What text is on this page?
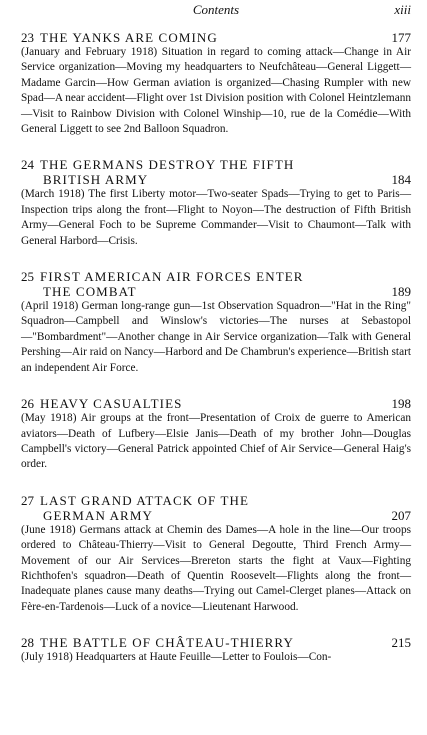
Contents	xiii
23 THE YANKS ARE COMING	177
(January and February 1918) Situation in regard to coming attack—Change in Air Service organization—Moving my headquarters to Neufchâteau—General Liggett—Madame Garcin—How German aviation is organized—Chasing Rumpler with new Spad—A near accident—Flight over 1st Division position with Colonel Heintzlemann—Visit to Rainbow Division with Colonel Winship—10, rue de la Comédie—With General Liggett to see 2nd Balloon Squadron.
24 THE GERMANS DESTROY THE FIFTH
BRITISH ARMY	184
(March 1918) The first Liberty motor—Two-seater Spads—Trying to get to Paris—Inspection trips along the front—Flight to Noyon—The destruction of Fifth British Army—General Foch to be Supreme Commander—Visit to Chaumont—Talk with General Harbord—Crisis.
25 FIRST AMERICAN AIR FORCES ENTER
THE COMBAT	189
(April 1918) German long-range gun—1st Observation Squadron—"Hat in the Ring" Squadron—Campbell and Winslow's victories—The nurses at Sebastopol—"Bombardment"—Another change in Air Service organization—Talk with General Pershing—Air raid on Nancy—Harbord and De Chambrun's experience—British start an independent Air Force.
26 HEAVY CASUALTIES	198
(May 1918) Air groups at the front—Presentation of Croix de guerre to American aviators—Death of Lufbery—Elsie Janis—Death of my brother John—Douglas Campbell's victory—General Patrick appointed Chief of Air Service—General Haig's order.
27 LAST GRAND ATTACK OF THE
GERMAN ARMY	207
(June 1918) Germans attack at Chemin des Dames—A hole in the line—Our troops ordered to Château-Thierry—Visit to General Degoutte, Third French Army—Movement of our Air Services—Brereton starts the fight at Vaux—Fighting Richthofen's squadron—Death of Quentin Roosevelt—Flights along the front—Inadequate planes cause many deaths—Trying out Camel-Clerget planes—Attack on Fère-en-Tardenois—Luck of a novice—Lieutenant Harwood.
28 THE BATTLE OF CHÂTEAU-THIERRY	215
(July 1918) Headquarters at Haute Feuille—Letter to Foulois—Con-
